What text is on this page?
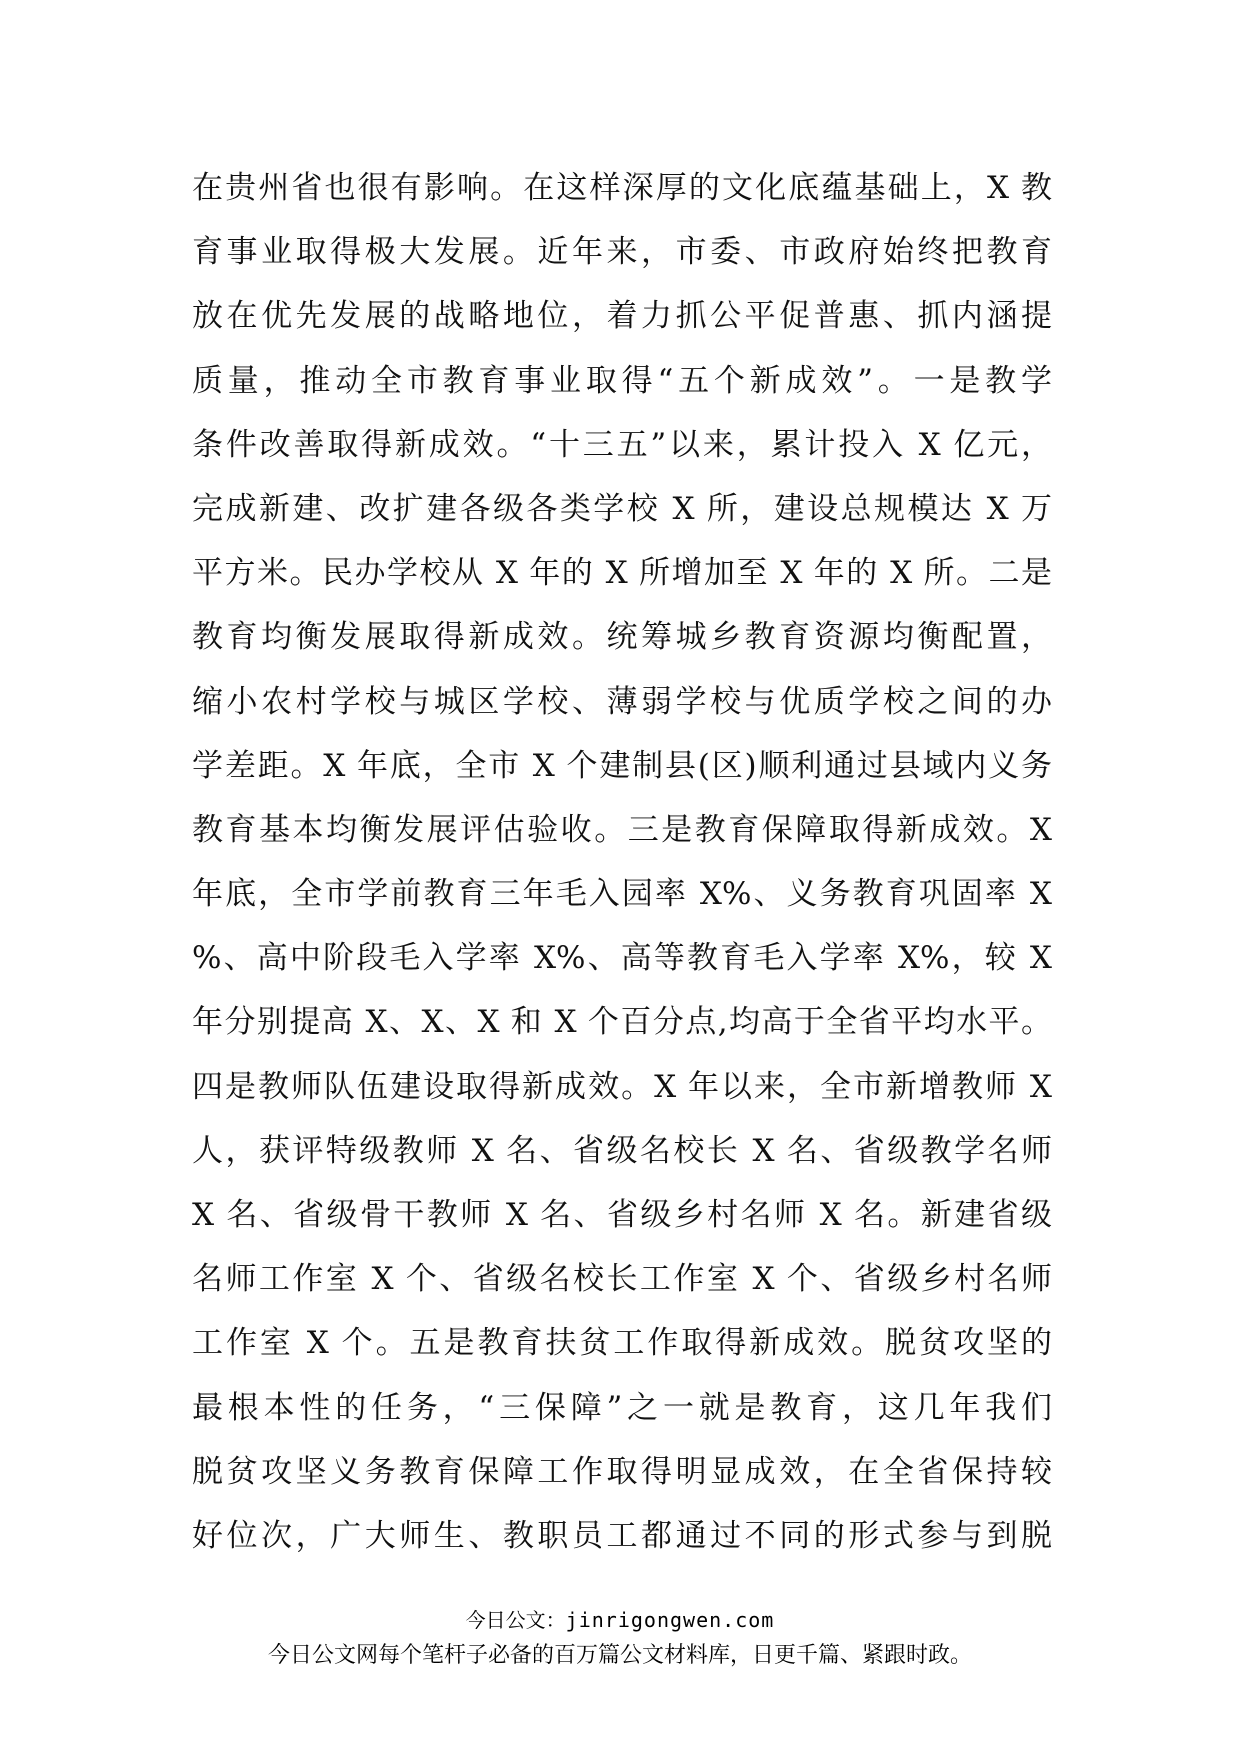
在贵州省也很有影响。在这样深厚的文化底蕴基础上，X 教
育事业取得极大发展。近年来，市委、市政府始终把教育
放在优先发展的战略地位，着力抓公平促普惠、抓内涵提
质量，推动全市教育事业取得“五个新成效”。一是教学
条件改善取得新成效。“十三五”以来，累计投入 X 亿元，
完成新建、改扩建各级各类学校 X 所，建设总规模达 X 万
平方米。民办学校从 X 年的 X 所增加至 X 年的 X 所。二是
教育均衡发展取得新成效。统筹城乡教育资源均衡配置，
缩小农村学校与城区学校、薄弱学校与优质学校之间的办
学差距。X 年底，全市 X 个建制县(区)顺利通过县域内义务
教育基本均衡发展评估验收。三是教育保障取得新成效。X
年底，全市学前教育三年毛入园率 X%、义务教育巩固率 X
%、高中阶段毛入学率 X%、高等教育毛入学率 X%，较 X
年分别提高 X、X、X 和 X 个百分点,均高于全省平均水平。
四是教师队伍建设取得新成效。X 年以来，全市新增教师 X
人，获评特级教师 X 名、省级名校长 X 名、省级教学名师
X 名、省级骨干教师 X 名、省级乡村名师 X 名。新建省级
名师工作室 X 个、省级名校长工作室 X 个、省级乡村名师
工作室 X 个。五是教育扶贫工作取得新成效。脱贫攻坚的
最根本性的任务，“三保障”之一就是教育，这几年我们
脱贫攻坚义务教育保障工作取得明显成效，在全省保持较
好位次，广大师生、教职员工都通过不同的形式参与到脱
今日公文：jinrigongwen.com
今日公文网每个笔杆子必备的百万篇公文材料库，日更千篇、紧跟时政。
